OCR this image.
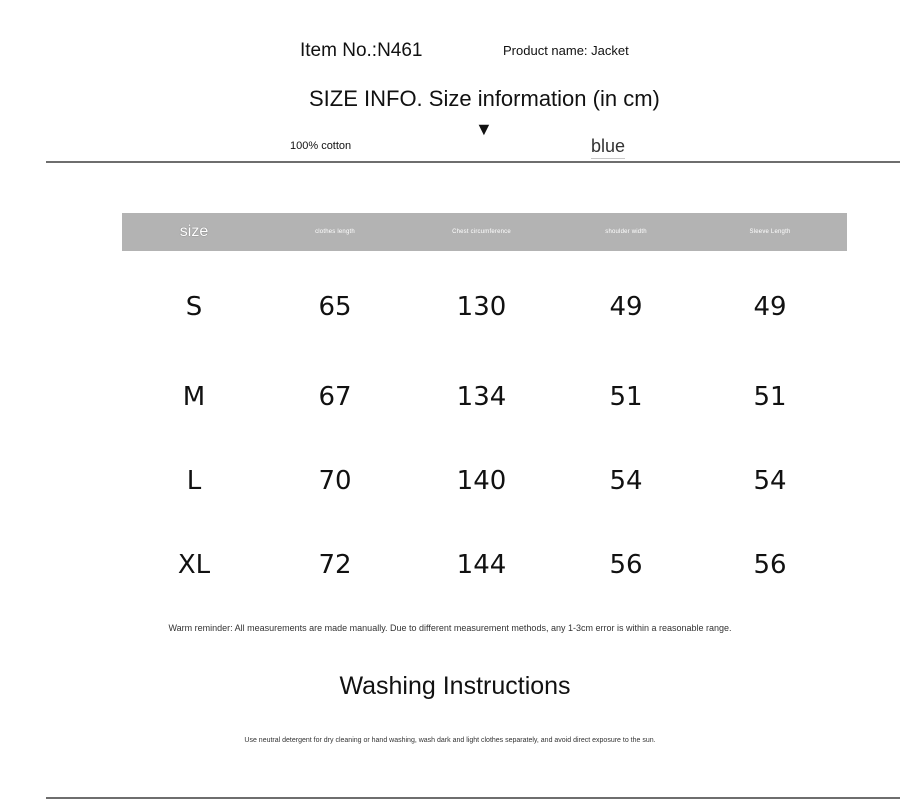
Item No.:N461	Product name: Jacket
SIZE INFO. Size information (in cm)
▼
100% cotton	blue
size	clothes length	Chest circumference	shoulder width	Sleeve Length
S	65	130	49	49
M	67	134	51	51
L	70	140	54	54
XL	72	144	56	56
Warm reminder: All measurements are made manually. Due to different measurement methods, any 1-3cm error is within a reasonable range.
Washing Instructions
Use neutral detergent for dry cleaning or hand washing, wash dark and light clothes separately, and avoid direct exposure to the sun.
